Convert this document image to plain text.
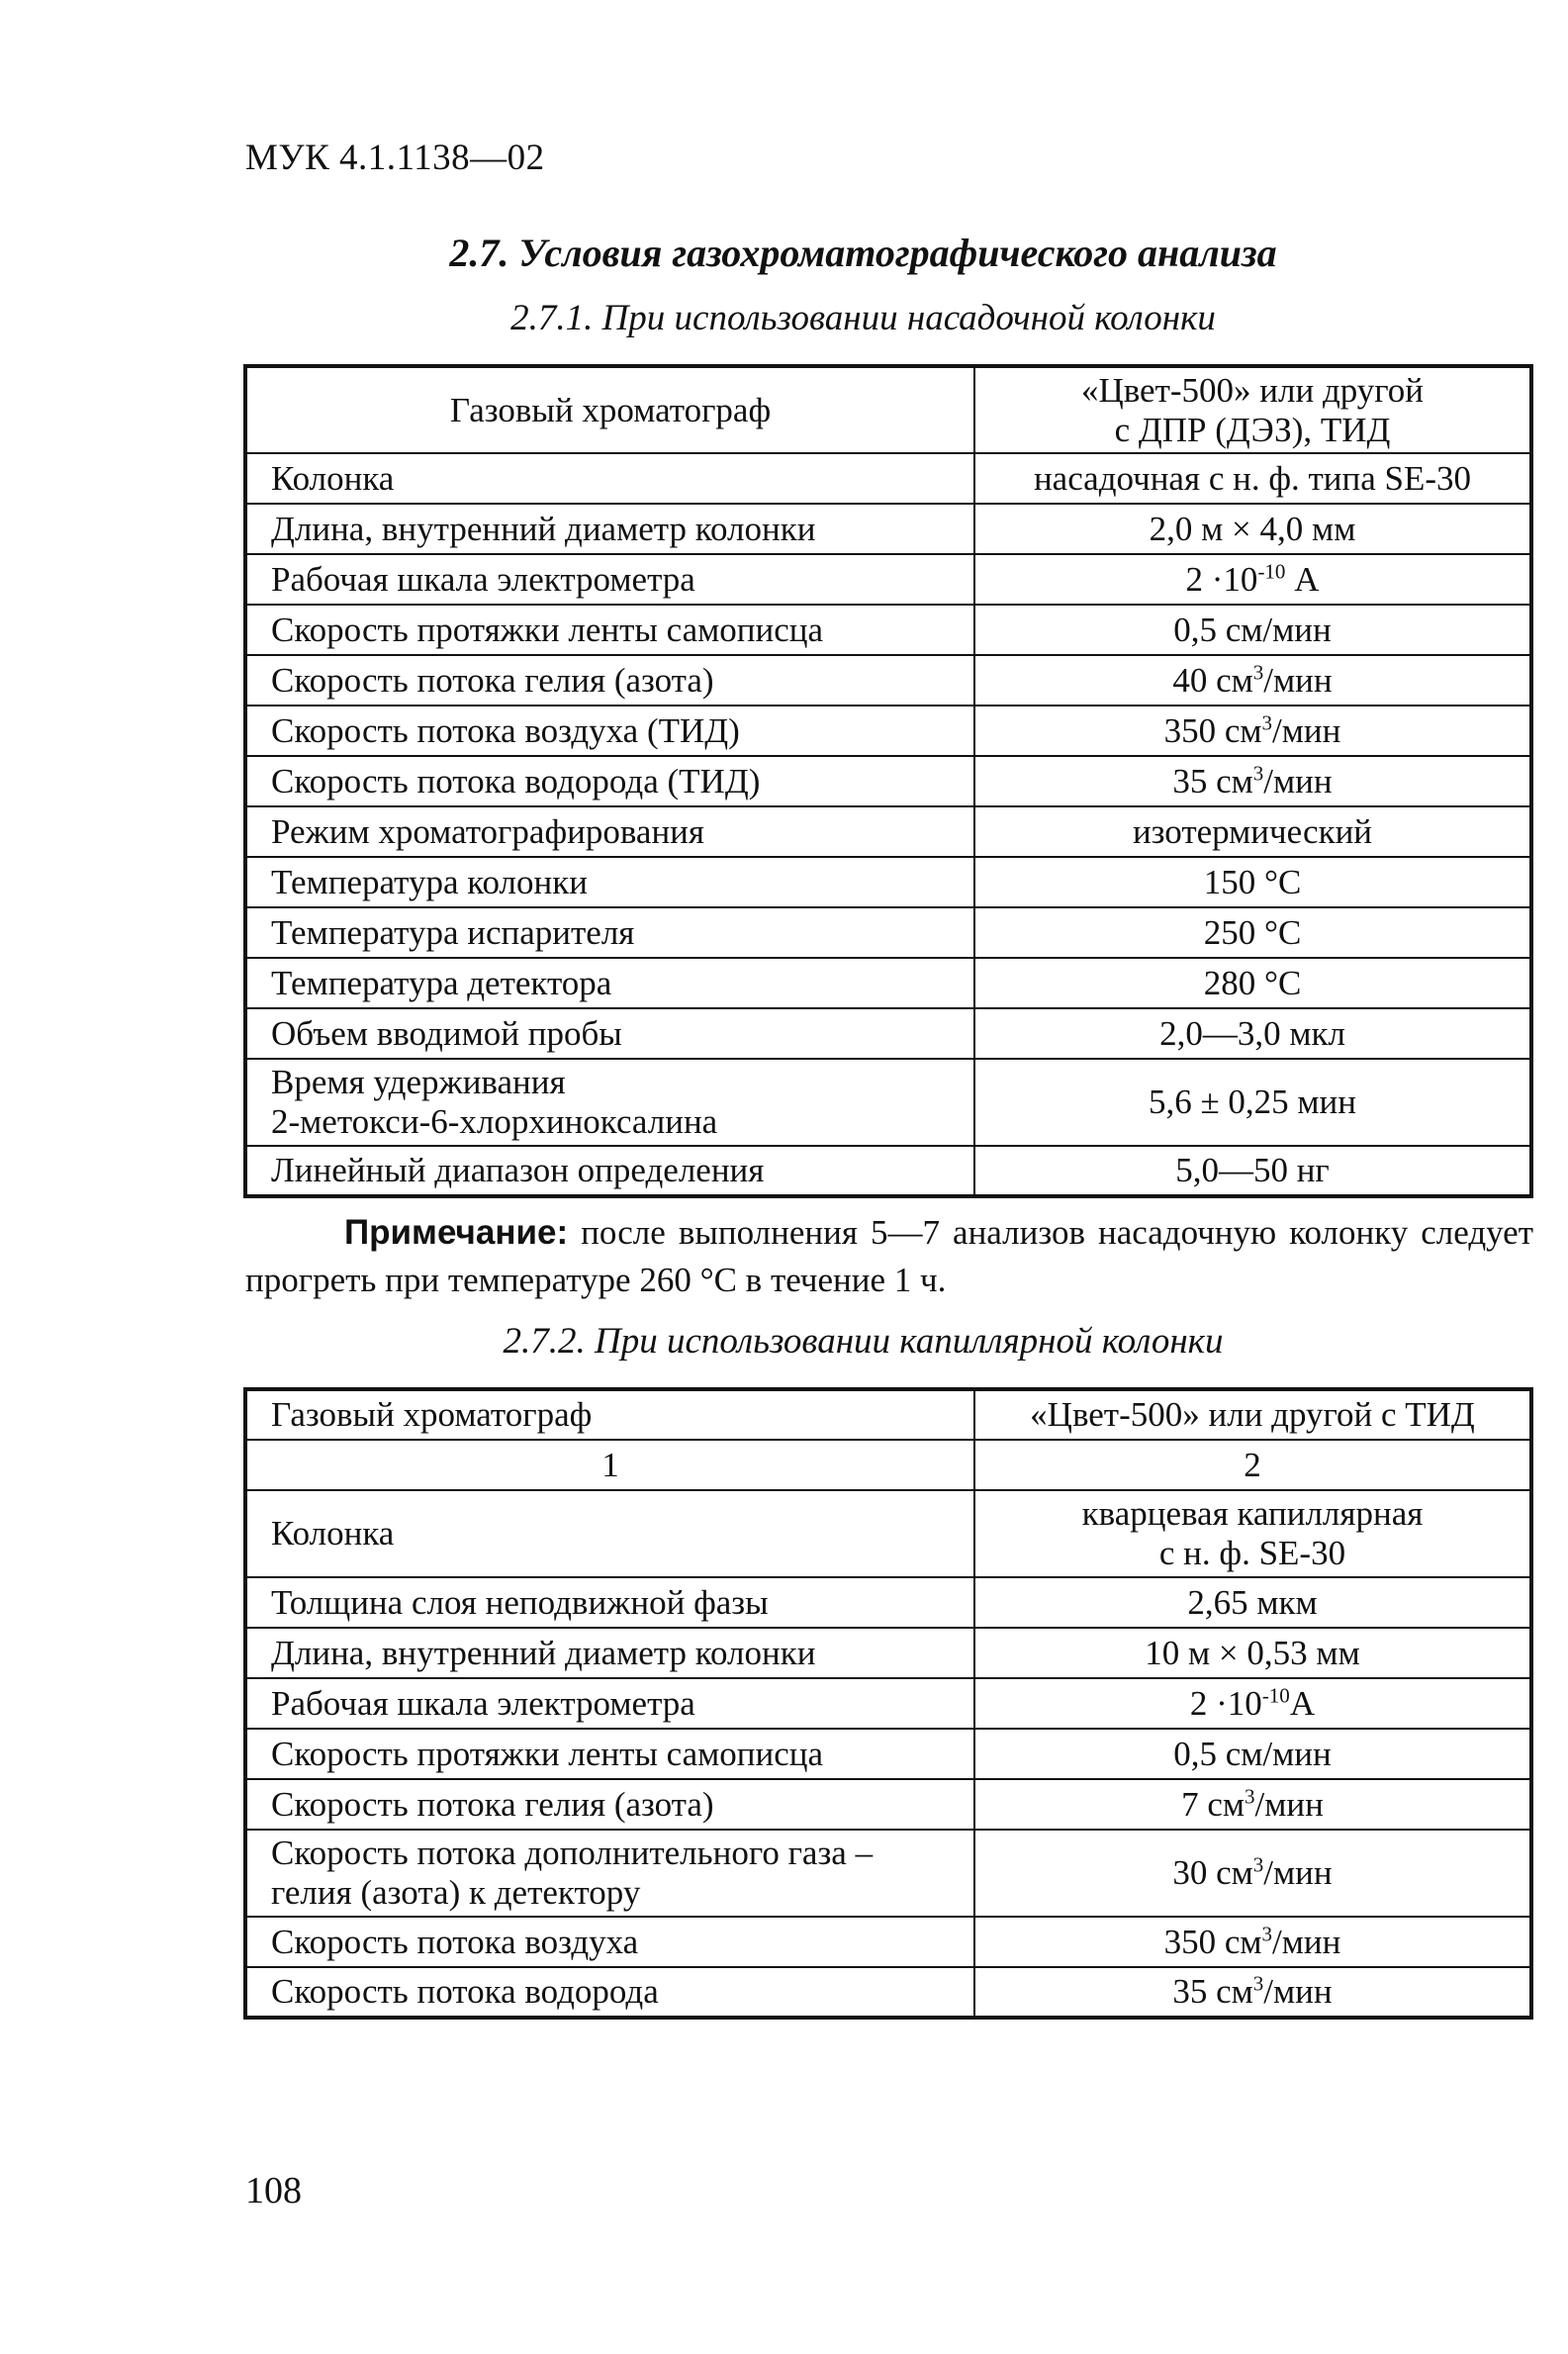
МУК 4.1.1138—02
2.7. Условия газохроматографического анализа
2.7.1. При использовании насадочной колонки
Газовый хроматограф	«Цвет-500» или другой
с ДПР (ДЭЗ), ТИД

Колонка	насадочная с н. ф. типа SE-30
Длина, внутренний диаметр колонки	2,0 м × 4,0 мм
Рабочая шкала электрометра	$2 \cdot 10^{-10}$ А
Скорость протяжки ленты самописца	0,5 см/мин
Скорость потока гелия (азота)	40 $см^3$/мин
Скорость потока воздуха (ТИД)	350 $см^3$/мин
Скорость потока водорода (ТИД)	35 $см^3$/мин
Режим хроматографирования	изотермический
Температура колонки	150 °C
Температура испарителя	250 °C
Температура детектора	280 °C
Объем вводимой пробы	2,0—3,0 мкл

Время удерживания
2-метокси-6-хлорхиноксалина	5,6 ± 0,25 мин
Линейный диапазон определения	5,0—50 нг
Примечание: после выполнения 5—7 анализов насадочную колонку следует прогреть при температуре 260 °C в течение 1 ч.
2.7.2. При использовании капиллярной колонки
Газовый хроматограф	«Цвет-500» или другой с ТИД
1	2
Колонка	кварцевая капиллярная
с н. ф. SE-30

Толщина слоя неподвижной фазы	2,65 мкм
Длина, внутренний диаметр колонки	10 м × 0,53 мм
Рабочая шкала электрометра	$2 \cdot 10^{-10}А$
Скорость протяжки ленты самописца	0,5 см/мин
Скорость потока гелия (азота)	7 $см^3$/мин

Скорость потока дополнительного газа –
гелия (азота) к детектору	30 $см^3$/мин
Скорость потока воздуха	350 $см^3$/мин
Скорость потока водорода	35 $см^3$/мин
108
